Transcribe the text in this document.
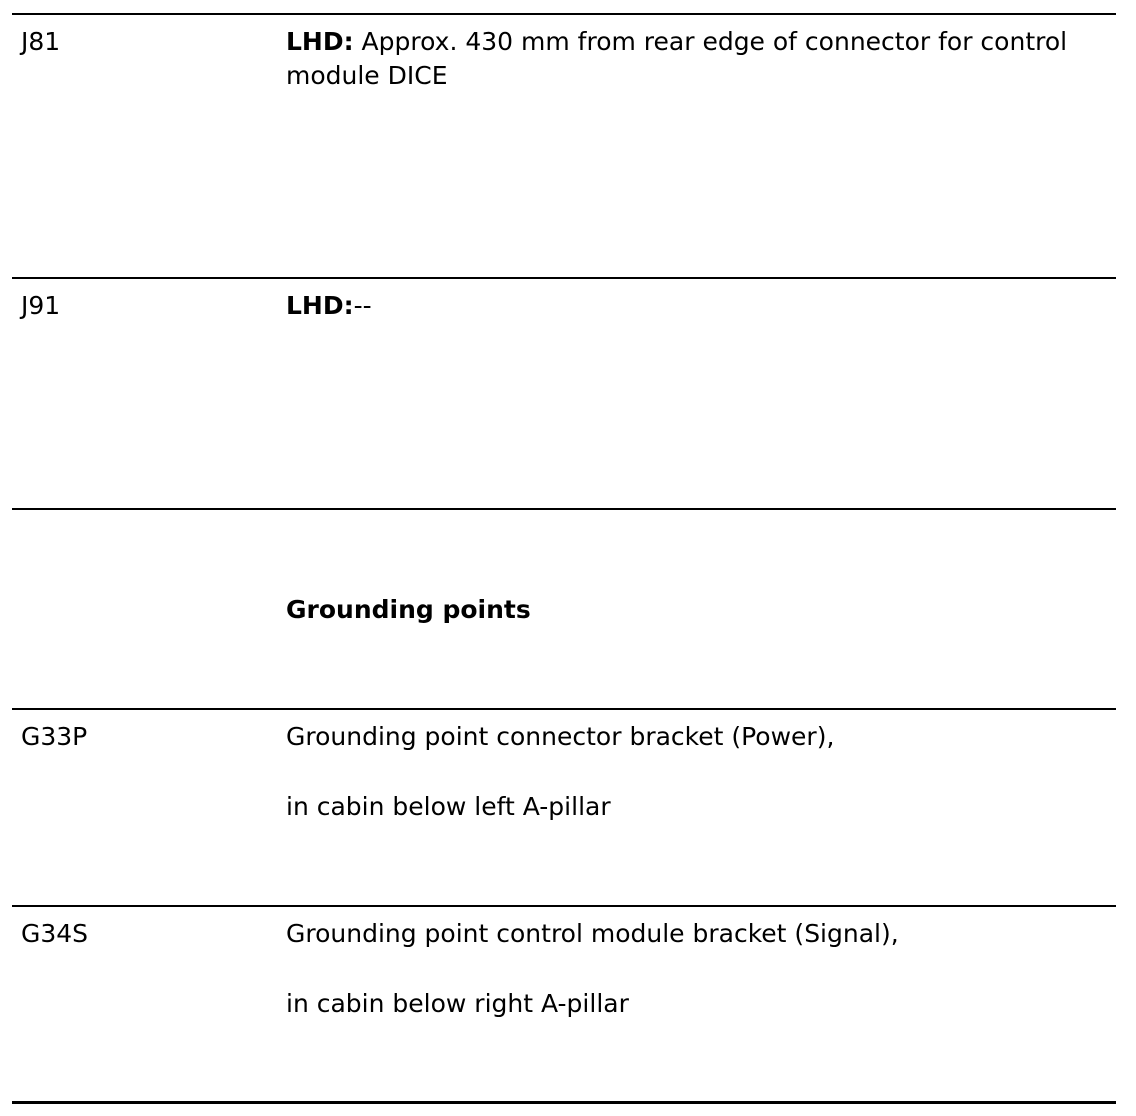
J81	LHD: Approx. 430 mm from rear edge of connector for control module DICE
J91	LHD:--
Grounding points
G33P	Grounding point connector bracket (Power),

in cabin below left A-pillar

G34S	Grounding point control module bracket (Signal),

in cabin below right A-pillar
